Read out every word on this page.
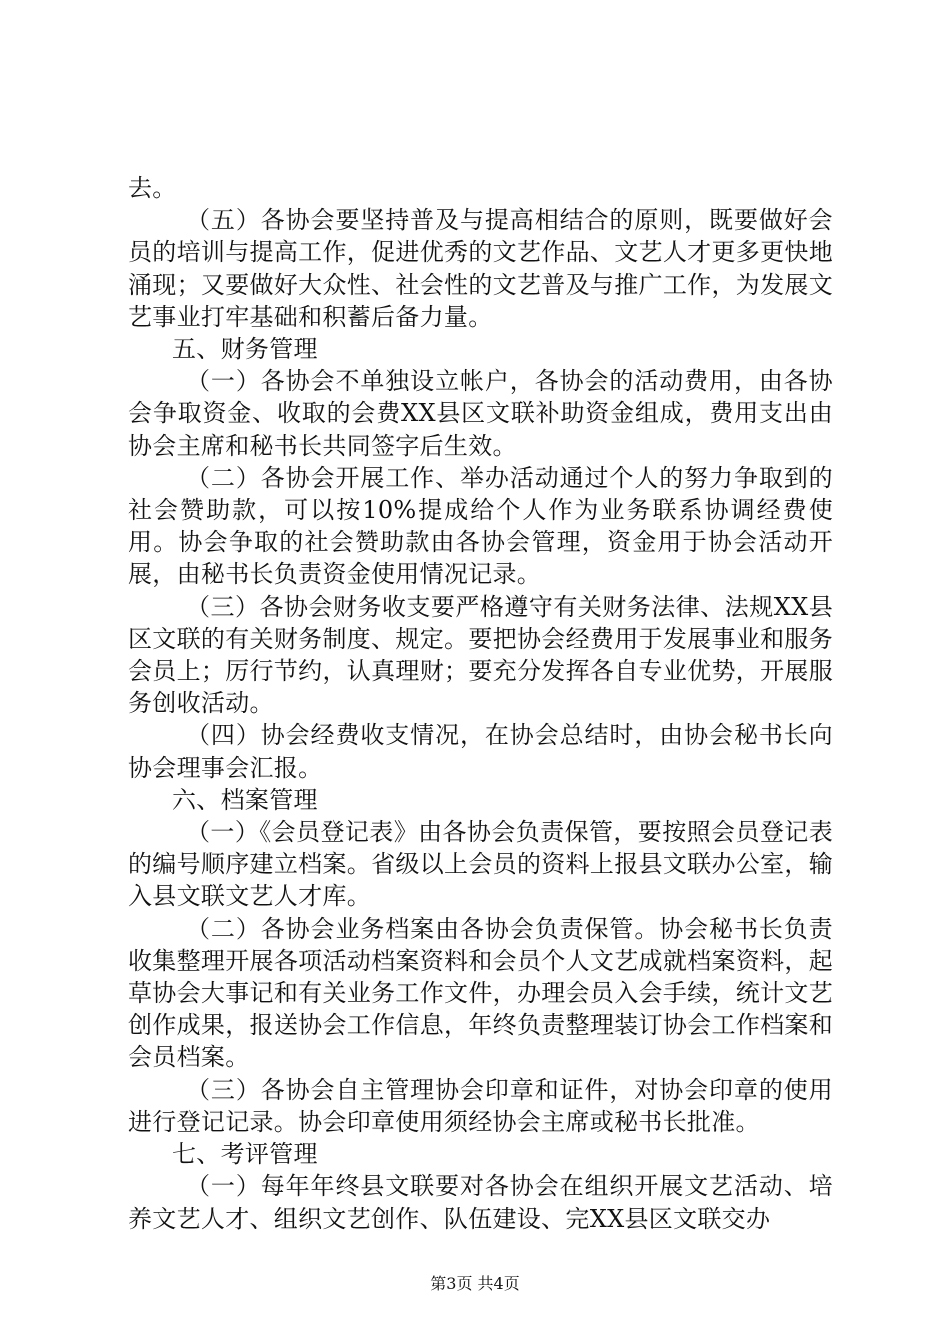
去。

（五）各协会要坚持普及与提高相结合的原则，既要做好会员的培训与提高工作，促进优秀的文艺作品、文艺人才更多更快地涌现；又要做好大众性、社会性的文艺普及与推广工作，为发展文艺事业打牢基础和积蓄后备力量。

五、财务管理

（一）各协会不单独设立帐户，各协会的活动费用，由各协会争取资金、收取的会费XX县区文联补助资金组成，费用支出由协会主席和秘书长共同签字后生效。

（二）各协会开展工作、举办活动通过个人的努力争取到的社会赞助款，可以按10%提成给个人作为业务联系协调经费使用。协会争取的社会赞助款由各协会管理，资金用于协会活动开展，由秘书长负责资金使用情况记录。

（三）各协会财务收支要严格遵守有关财务法律、法规XX县区文联的有关财务制度、规定。要把协会经费用于发展事业和服务会员上；厉行节约，认真理财；要充分发挥各自专业优势，开展服务创收活动。

（四）协会经费收支情况，在协会总结时，由协会秘书长向协会理事会汇报。

六、档案管理

（一）《会员登记表》由各协会负责保管，要按照会员登记表的编号顺序建立档案。省级以上会员的资料上报县文联办公室，输入县文联文艺人才库。

（二）各协会业务档案由各协会负责保管。协会秘书长负责收集整理开展各项活动档案资料和会员个人文艺成就档案资料，起草协会大事记和有关业务工作文件，办理会员入会手续，统计文艺创作成果，报送协会工作信息，年终负责整理装订协会工作档案和会员档案。

（三）各协会自主管理协会印章和证件，对协会印章的使用进行登记记录。协会印章使用须经协会主席或秘书长批准。

七、考评管理

（一）每年年终县文联要对各协会在组织开展文艺活动、培养文艺人才、组织文艺创作、队伍建设、完XX县区文联交办

第3页 共4页
